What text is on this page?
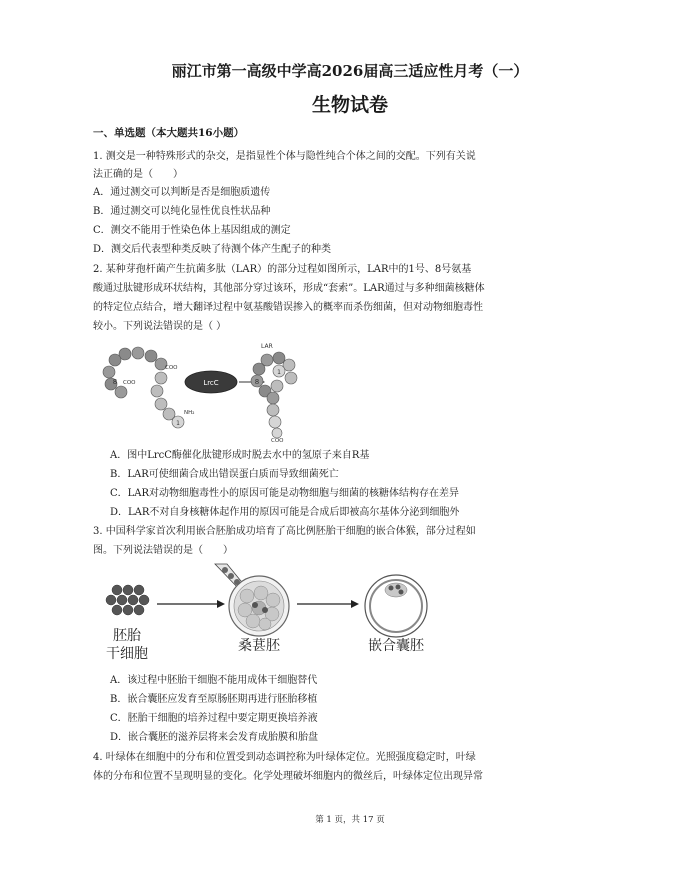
丽江市第一高级中学高2026届高三适应性月考（一）
生物试卷
一、单选题（本大题共16小题）
1. 测交是一种特殊形式的杂交，是指显性个体与隐性纯合个体之间的交配。下列有关说
法正确的是（　　）
A．通过测交可以判断是否是细胞质遗传
B．通过测交可以纯化显性优良性状品种
C．测交不能用于性染色体上基因组成的测定
D．测交后代表型种类反映了待测个体产生配子的种类
2. 某种芽孢杆菌产生抗菌多肽（LAR）的部分过程如图所示，LAR中的1号、8号氨基
酸通过肽键形成环状结构，其他部分穿过该环，形成“套索”。LAR通过与多种细菌核糖体
的特定位点结合，增大翻译过程中氨基酸错误掺入的概率而杀伤细菌，但对动物细胞毒性
较小。下列说法错误的是（ ）
8
1
COO
COO
NH₂
LrcC
LAR
8
1
COO
A．图中LrcC酶催化肽键形成时脱去水中的氢原子来自R基
B．LAR可使细菌合成出错误蛋白质而导致细菌死亡
C．LAR对动物细胞毒性小的原因可能是动物细胞与细菌的核糖体结构存在差异
D．LAR不对自身核糖体起作用的原因可能是合成后即被高尔基体分泌到细胞外
3. 中国科学家首次利用嵌合胚胎成功培育了高比例胚胎干细胞的嵌合体猴，部分过程如
图。下列说法错误的是（　　）
胚胎
干细胞	桑葚胚	嵌合囊胚
A．该过程中胚胎干细胞不能用成体干细胞替代
B．嵌合囊胚应发育至原肠胚期再进行胚胎移植
C．胚胎干细胞的培养过程中要定期更换培养液
D．嵌合囊胚的滋养层将来会发育成胎膜和胎盘
4. 叶绿体在细胞中的分布和位置受到动态调控称为叶绿体定位。光照强度稳定时，叶绿
体的分布和位置不呈现明显的变化。化学处理破坏细胞内的微丝后，叶绿体定位出现异常
第 1 页，共 17 页
